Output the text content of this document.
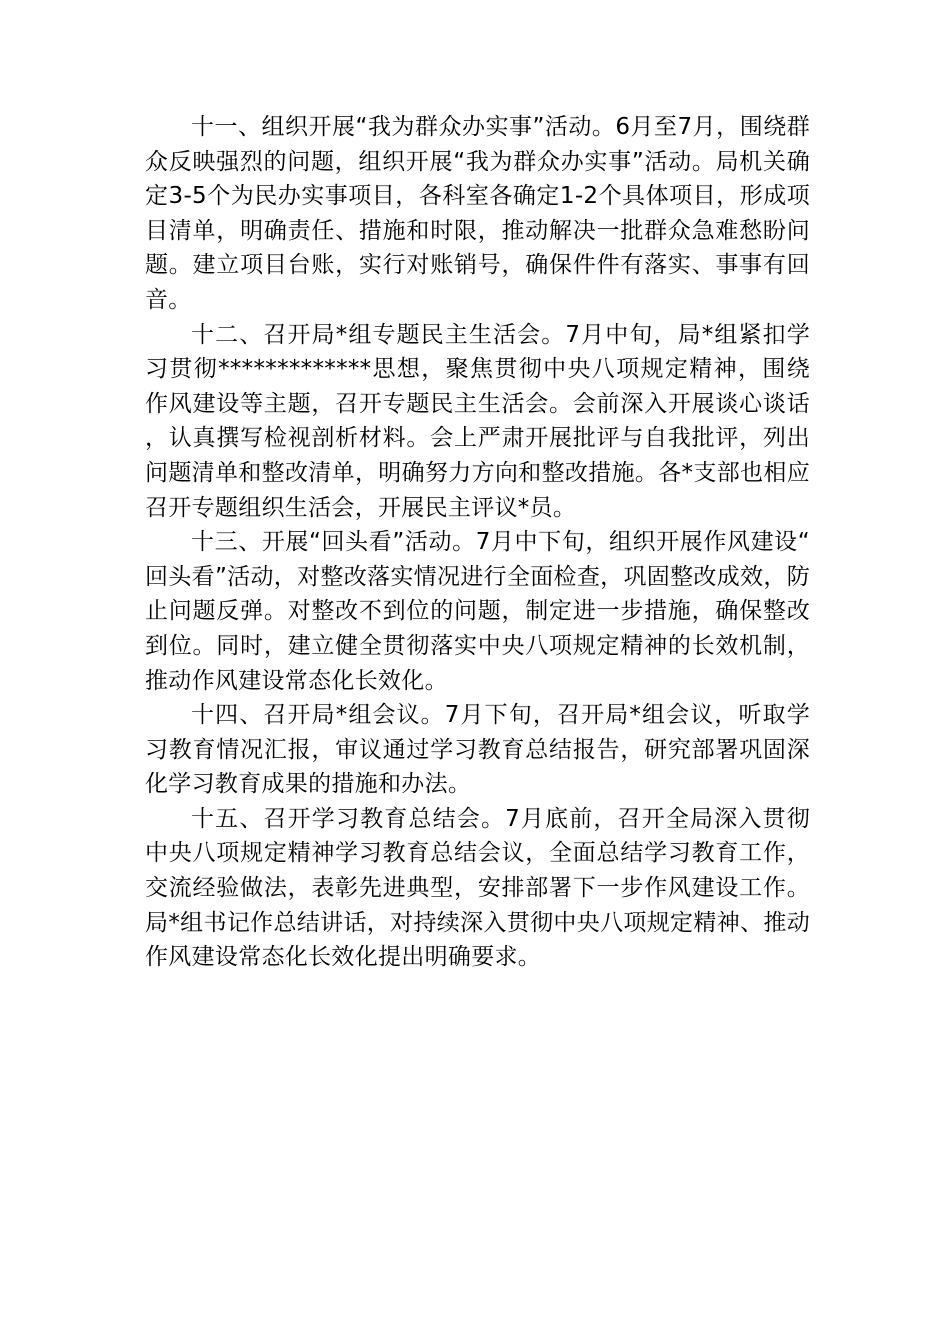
十一、组织开展“我为群众办实事”活动。6月至7月，围绕群众反映强烈的问题，组织开展“我为群众办实事”活动。局机关确定3-5个为民办实事项目，各科室各确定1-2个具体项目，形成项目清单，明确责任、措施和时限，推动解决一批群众急难愁盼问题。建立项目台账，实行对账销号，确保件件有落实、事事有回音。

十二、召开局*组专题民主生活会。7月中旬，局*组紧扣学习贯彻*************思想，聚焦贯彻中央八项规定精神，围绕作风建设等主题，召开专题民主生活会。会前深入开展谈心谈话，认真撰写检视剖析材料。会上严肃开展批评与自我批评，列出问题清单和整改清单，明确努力方向和整改措施。各*支部也相应召开专题组织生活会，开展民主评议*员。

十三、开展“回头看”活动。7月中下旬，组织开展作风建设“回头看”活动，对整改落实情况进行全面检查，巩固整改成效，防止问题反弹。对整改不到位的问题，制定进一步措施，确保整改到位。同时，建立健全贯彻落实中央八项规定精神的长效机制，推动作风建设常态化长效化。

十四、召开局*组会议。7月下旬，召开局*组会议，听取学习教育情况汇报，审议通过学习教育总结报告，研究部署巩固深化学习教育成果的措施和办法。

十五、召开学习教育总结会。7月底前，召开全局深入贯彻中央八项规定精神学习教育总结会议，全面总结学习教育工作，交流经验做法，表彰先进典型，安排部署下一步作风建设工作。局*组书记作总结讲话，对持续深入贯彻中央八项规定精神、推动作风建设常态化长效化提出明确要求。
